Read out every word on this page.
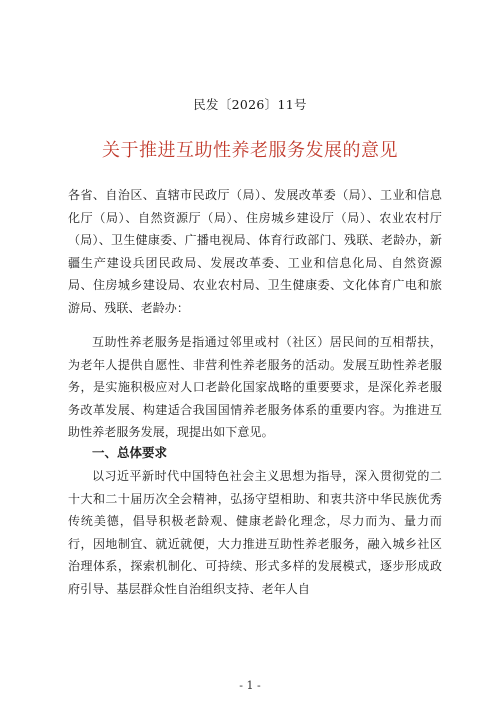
民发〔2026〕11号
关于推进互助性养老服务发展的意见
各省、自治区、直辖市民政厅（局）、发展改革委（局）、工业和信息化厅（局）、自然资源厅（局）、住房城乡建设厅（局）、农业农村厅（局）、卫生健康委、广播电视局、体育行政部门、残联、老龄办，新疆生产建设兵团民政局、发展改革委、工业和信息化局、自然资源局、住房城乡建设局、农业农村局、卫生健康委、文化体育广电和旅游局、残联、老龄办：
互助性养老服务是指通过邻里或村（社区）居民间的互相帮扶，为老年人提供自愿性、非营利性养老服务的活动。发展互助性养老服务，是实施积极应对人口老龄化国家战略的重要要求，是深化养老服务改革发展、构建适合我国国情养老服务体系的重要内容。为推进互助性养老服务发展，现提出如下意见。
一、总体要求
以习近平新时代中国特色社会主义思想为指导，深入贯彻党的二十大和二十届历次全会精神，弘扬守望相助、和衷共济中华民族优秀传统美德，倡导积极老龄观、健康老龄化理念，尽力而为、量力而行，因地制宜、就近就便，大力推进互助性养老服务，融入城乡社区治理体系，探索机制化、可持续、形式多样的发展模式，逐步形成政府引导、基层群众性自治组织支持、老年人自
- 1 -
